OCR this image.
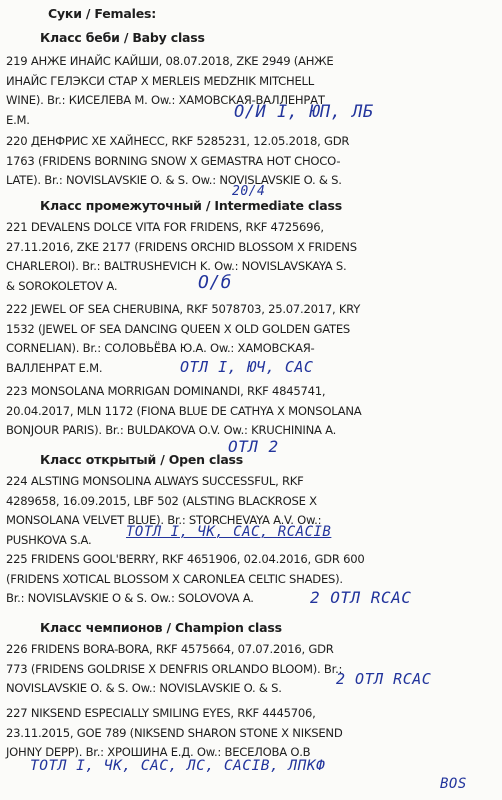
Суки / Females:
Класс беби / Baby class
219 АНЖЕ ИНАЙС КАЙШИ, 08.07.2018, ZKE 2949 (АНЖЕ
ИНАЙС ГЕЛЭКСИ СТАР X MERLEIS MEDZHIK MITCHELL
WINE). Br.: КИСЕЛЕВА М. Ow.: ХАМОВСКАЯ-ВАЛЛЕНРАТ
Е.М.	О/И I, ЮП, ЛБ
220 ДЕНФРИС ХЕ ХАЙНЕСС, RKF 5285231, 12.05.2018, GDR
1763 (FRIDENS BORNING SNOW X GEMASTRA HOT CHOCO-
LATE). Br.: NOVISLAVSKIE O. & S. Ow.: NOVISLAVSKIE O. & S.
20/4
Класс промежуточный / Intermediate class
221 DEVALENS DOLCE VITA FOR FRIDENS, RKF 4725696,
27.11.2016, ZKE 2177 (FRIDENS ORCHID BLOSSOM X FRIDENS
CHARLEROI). Br.: BALTRUSHEVICH K. Ow.: NOVISLAVSKAYA S.
& SOROKOLETOV A.	О/б
222 JEWEL OF SEA CHERUBINA, RKF 5078703, 25.07.2017, KRY
1532 (JEWEL OF SEA DANCING QUEEN X OLD GOLDEN GATES
CORNELIAN). Br.: СОЛОВЬЁВА Ю.А. Ow.: ХАМОВСКАЯ-
ВАЛЛЕНРАТ Е.М.	ОТЛ I, ЮЧ, САС
223 MONSOLANA MORRIGAN DOMINANDI, RKF 4845741,
20.04.2017, MLN 1172 (FIONA BLUE DE CATHYA X MONSOLANA
BONJOUR PARIS). Br.: BULDAKOVA O.V. Ow.: KRUCHININA A.
ОТЛ 2
Класс открытый / Open class
224 ALSTING MONSOLINA ALWAYS SUCCESSFUL, RKF
4289658, 16.09.2015, LBF 502 (ALSTING BLACKROSE X
MONSOLANA VELVET BLUE). Br.: STORCHEVAYA A.V. Ow.:
PUSHKOVA S.A.	ТОТЛ I, ЧК, САС, RCACIB
225 FRIDENS GOOL'BERRY, RKF 4651906, 02.04.2016, GDR 600
(FRIDENS XOTICAL BLOSSOM X CARONLEA CELTIC SHADES).
Br.: NOVISLAVSKIE O & S. Ow.: SOLOVOVA A.	2 ОТЛ RCAC
Класс чемпионов / Champion class
226 FRIDENS BORA-BORA, RKF 4575664, 07.07.2016, GDR
773 (FRIDENS GOLDRISE X DENFRIS ORLANDO BLOOM). Br.:
NOVISLAVSKIE O. & S. Ow.: NOVISLAVSKIE O. & S.
2 ОТЛ RCAC
227 NIKSEND ESPECIALLY SMILING EYES, RKF 4445706,
23.11.2015, GOE 789 (NIKSEND SHARON STONE X NIKSEND
JOHNY DEPP). Br.: ХРОШИНА Е.Д. Ow.: ВЕСЕЛОВА О.В
ТОТЛ I, ЧК, САС, ЛС, CACIB, ЛПКФ
BOS
